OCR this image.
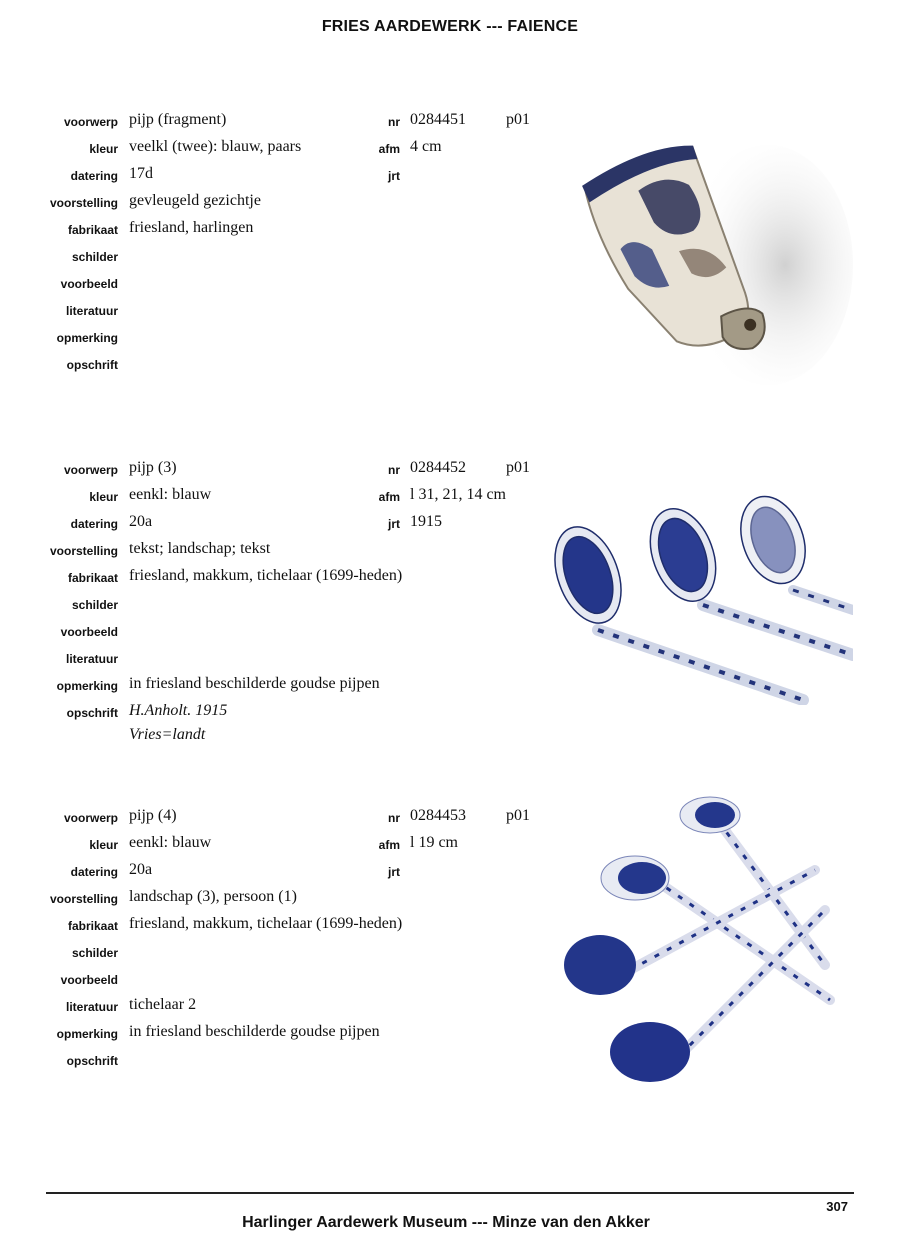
FRIES AARDEWERK --- FAIENCE
voorwerp pijp (fragment)	nr 0284451	p01
kleur veelkl (twee): blauw, paars	afm 4 cm
datering 17d	jrt
voorstelling gevleugeld gezichtje
fabrikaat friesland, harlingen
schilder
voorbeeld
literatuur
opmerking
opschrift
voorwerp pijp (3)	nr 0284452	p01
kleur eenkl: blauw	afm l 31, 21, 14 cm
datering 20a	jrt 1915
voorstelling tekst; landschap; tekst
fabrikaat friesland, makkum, tichelaar (1699-heden)
schilder
voorbeeld
literatuur
opmerking in friesland beschilderde goudse pijpen
opschrift H.Anholt. 1915
Vries=landt
voorwerp pijp (4)	nr 0284453	p01
kleur eenkl: blauw	afm l 19 cm
datering 20a	jrt
voorstelling landschap (3), persoon (1)
fabrikaat friesland, makkum, tichelaar (1699-heden)
schilder
voorbeeld
literatuur tichelaar 2
opmerking in friesland beschilderde goudse pijpen
opschrift
307
Harlinger Aardewerk Museum --- Minze van den Akker
